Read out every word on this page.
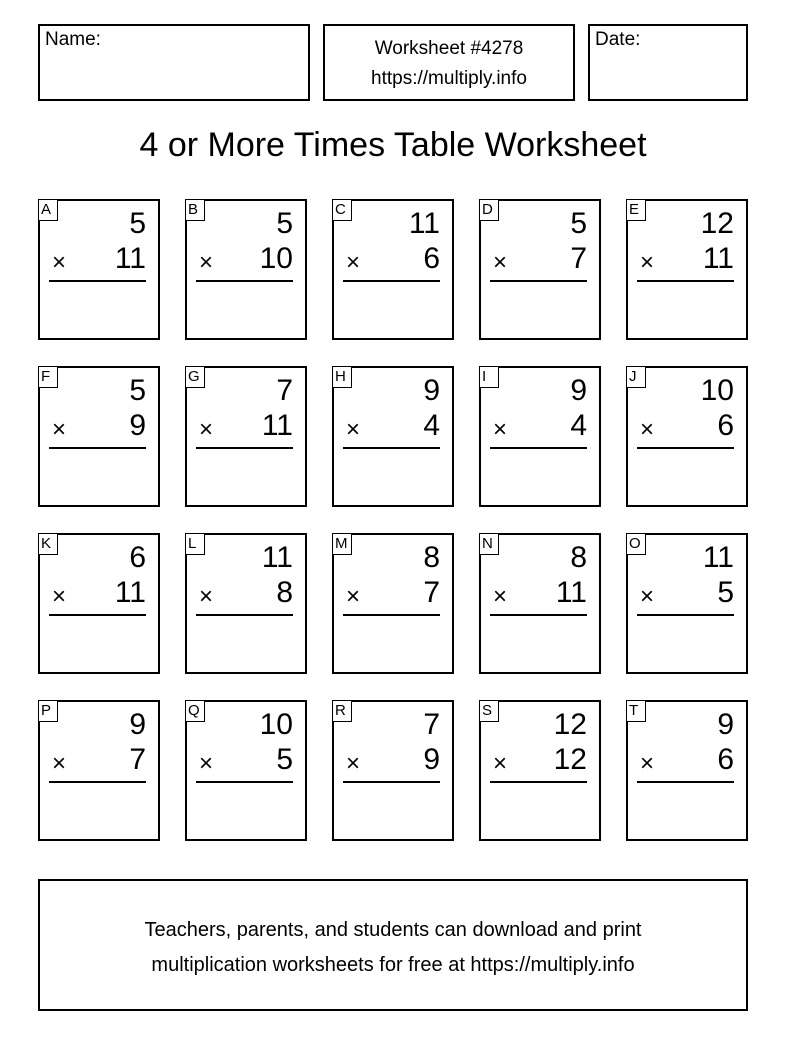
Name:	Worksheet #4278
https://multiply.info
Date:
4 or More Times Table Worksheet
A	5
× 11
B	5
× 10
C 11
× 6
D	5
× 7
E 12
× 11
F	5
× 9
G	7
× 11
H	9
× 4
I	9
× 4
J	10
× 6
K	6
× 11
L 11
× 8
M	8
× 7
N	8
× 11
O 11
× 5
P	9
× 7
Q 10
× 5
R	7
× 9
S 12
× 12
T	9
× 6
Teachers, parents, and students can download and print
multiplication worksheets for free at https://multiply.info
